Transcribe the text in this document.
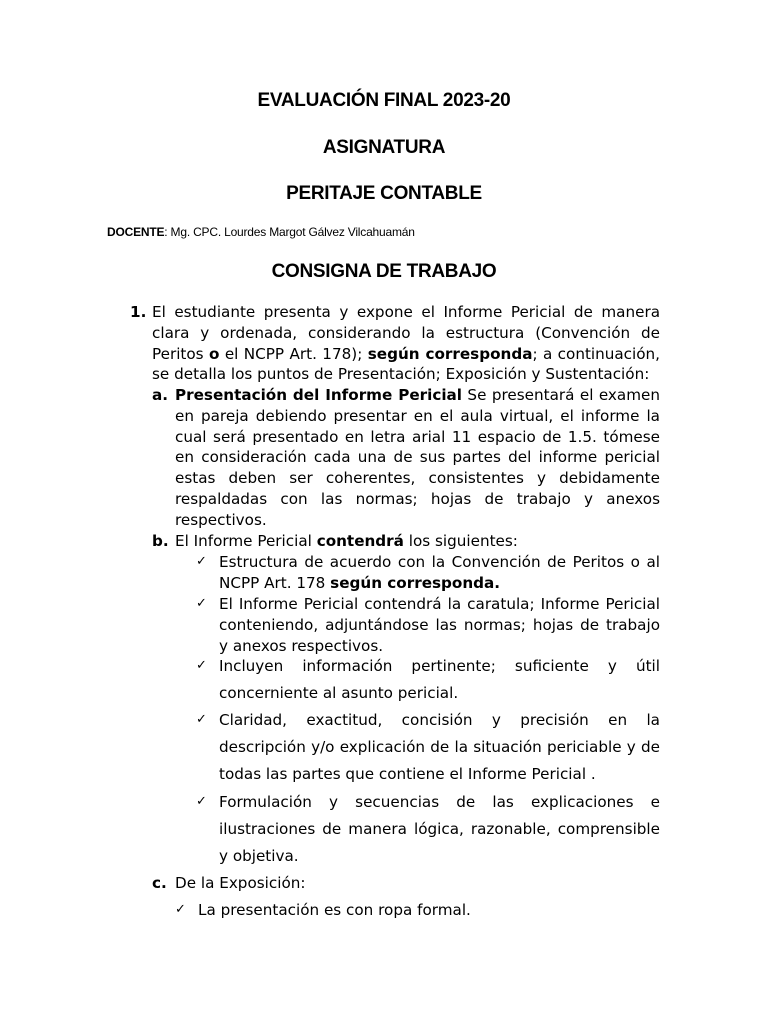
EVALUACIÓN FINAL 2023-20
ASIGNATURA
PERITAJE CONTABLE
DOCENTE: Mg. CPC. Lourdes Margot Gálvez Vilcahuamán
CONSIGNA DE TRABAJO
1. El estudiante presenta y expone el Informe Pericial de manera clara y ordenada, considerando la estructura (Convención de Peritos o el NCPP Art. 178); según corresponda; a continuación, se detalla los puntos de Presentación; Exposición y Sustentación:
a. Presentación del Informe Pericial Se presentará el examen en pareja debiendo presentar en el aula virtual, el informe la cual será presentado en letra arial 11 espacio de 1.5. tómese en consideración cada una de sus partes del informe pericial estas deben ser coherentes, consistentes y debidamente respaldadas con las normas; hojas de trabajo y anexos respectivos.
b. El Informe Pericial contendrá los siguientes:
✓ Estructura de acuerdo con la Convención de Peritos o al NCPP Art. 178 según corresponda.
✓ El Informe Pericial contendrá la caratula; Informe Pericial conteniendo, adjuntándose las normas; hojas de trabajo y anexos respectivos.
✓ Incluyen información pertinente; suficiente y útil concerniente al asunto pericial.
✓ Claridad, exactitud, concisión y precisión en la descripción y/o explicación de la situación periciable y de todas las partes que contiene el Informe Pericial .
✓ Formulación y secuencias de las explicaciones e ilustraciones de manera lógica, razonable, comprensible y objetiva.
c. De la Exposición:
✓ La presentación es con ropa formal.
